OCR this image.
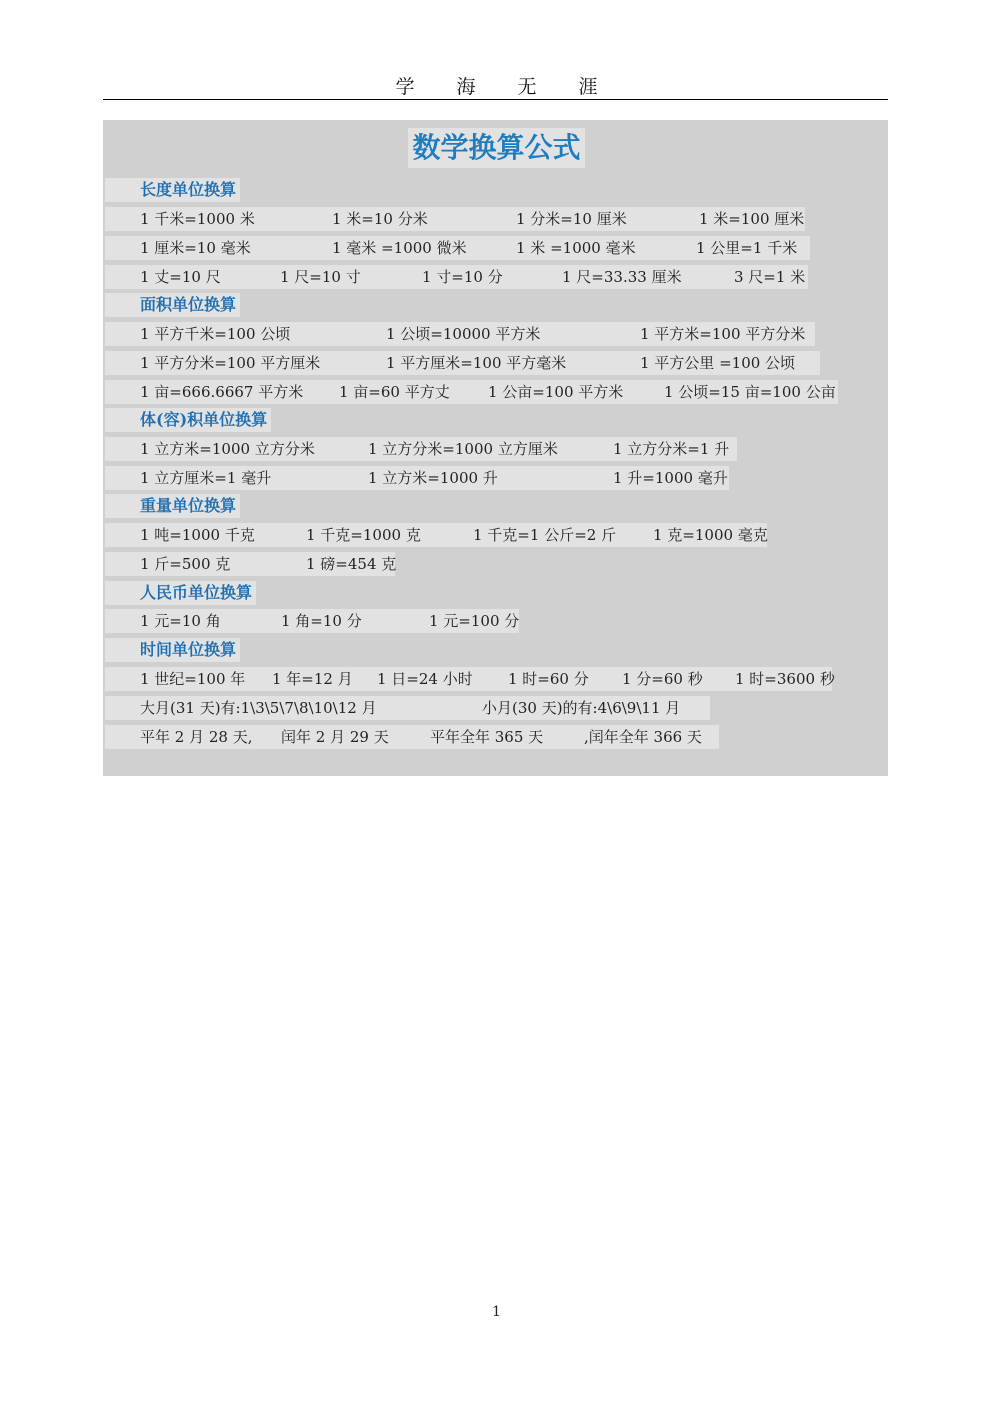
学 海 无 涯
数学换算公式
长度单位换算
1 千米=1000 米	1 米=10 分米	1 分米=10 厘米	1 米=100 厘米
1 厘米=10 毫米	1 毫米 =1000 微米	1 米 =1000 毫米	1 公里=1 千米
1 丈=10 尺	1 尺=10 寸	1 寸=10 分	1 尺=33.33 厘米	3 尺=1 米
面积单位换算
1 平方千米=100 公顷	1 公顷=10000 平方米	1 平方米=100 平方分米
1 平方分米=100 平方厘米	1 平方厘米=100 平方毫米	1 平方公里 =100 公顷
1 亩=666.6667 平方米 1 亩=60 平方丈	1 公亩=100 平方米	1 公顷=15 亩=100 公亩
体(容)积单位换算
1 立方米=1000 立方分米	1 立方分米=1000 立方厘米	1 立方分米=1 升
1 立方厘米=1 毫升	1 立方米=1000 升	1 升=1000 毫升
重量单位换算
1 吨=1000 千克	1 千克=1000 克	1 千克=1 公斤=2 斤 1 克=1000 毫克
1 斤=500 克	1 磅=454 克
人民币单位换算
1 元=10 角	1 角=10 分	1 元=100 分
时间单位换算
1 世纪=100 年 1 年=12 月 1 日=24 小时 1 时=60 分 1 分=60 秒 1 时=3600 秒
大月(31 天)有:1\3\5\7\8\10\12 月	小月(30 天)的有:4\6\9\11 月
平年 2 月 28 天, 闰年 2 月 29 天	平年全年 365 天	,闰年全年 366 天
1
